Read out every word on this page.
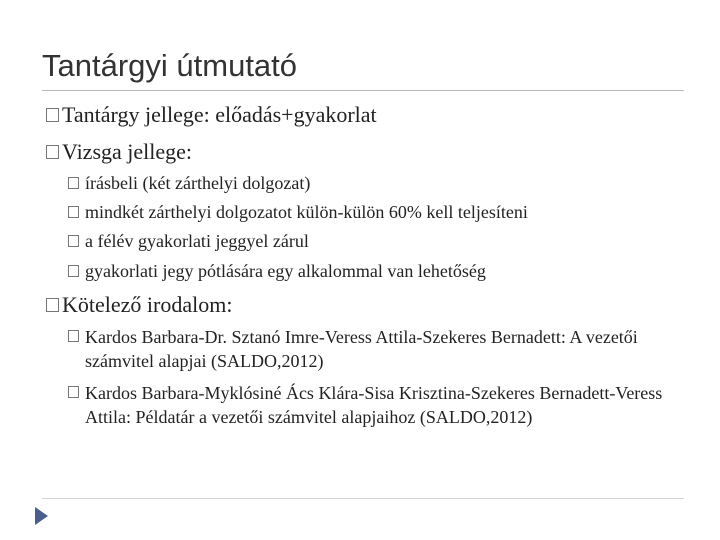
Tantárgyi útmutató
Tantárgy jellege: előadás+gyakorlat
Vizsga jellege:
írásbeli (két zárthelyi dolgozat)
mindkét zárthelyi dolgozatot külön-külön 60% kell teljesíteni
a félév gyakorlati jeggyel zárul
gyakorlati jegy pótlására egy alkalommal van lehetőség
Kötelező irodalom:
Kardos Barbara-Dr. Sztanó Imre-Veress Attila-Szekeres Bernadett: A vezetői számvitel alapjai (SALDO,2012)
Kardos Barbara-Myklósiné Ács Klára-Sisa Krisztina-Szekeres Bernadett-Veress Attila: Példatár a vezetői számvitel alapjaihoz (SALDO,2012)
